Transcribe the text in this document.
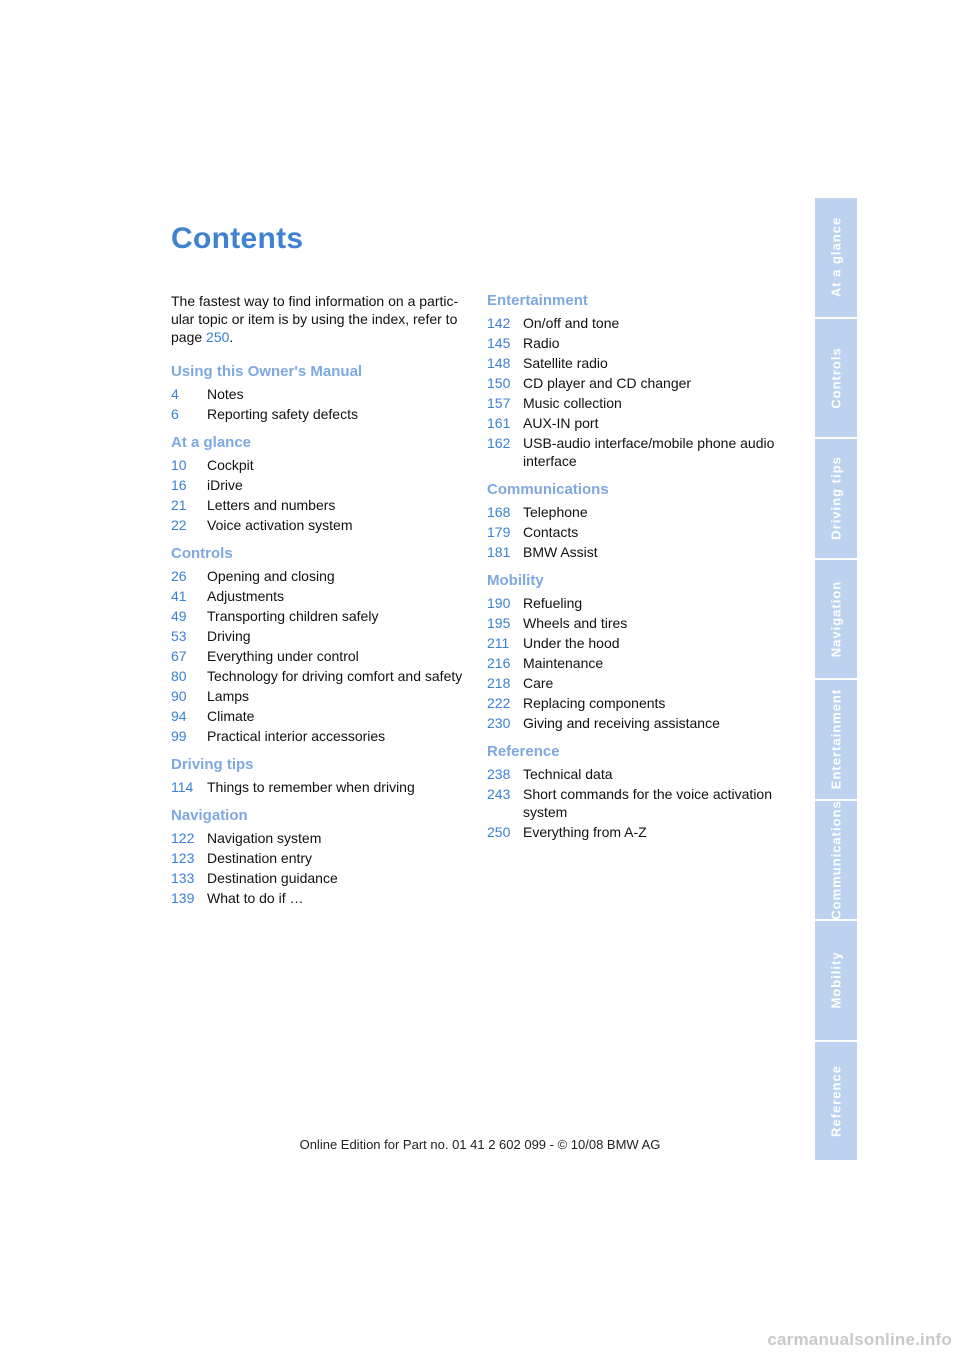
Contents

The fastest way to find information on a particular topic or item is by using the index, refer to page 250.

Using this Owner's Manual
4	Notes
6	Reporting safety defects
At a glance
10	Cockpit
16	iDrive
21	Letters and numbers
22	Voice activation system
Controls
26	Opening and closing
41	Adjustments
49	Transporting children safely
53	Driving
67	Everything under control
80	Technology for driving comfort and safety
90	Lamps
94	Climate
99	Practical interior accessories
Driving tips
114 Things to remember when driving
Navigation
122 Navigation system
123 Destination entry
133 Destination guidance
139 What to do if …
Entertainment
142 On/off and tone
145 Radio
148 Satellite radio
150 CD player and CD changer
157 Music collection
161 AUX-IN port
162 USB-audio interface/mobile phone audio interface
Communications
168 Telephone
179 Contacts
181 BMW Assist
Mobility
190 Refueling
195 Wheels and tires
211 Under the hood
216 Maintenance
218 Care
222 Replacing components
230 Giving and receiving assistance
Reference
238 Technical data
243 Short commands for the voice activation system
250 Everything from A-Z
At a glance
Controls
Driving tips
Navigation
Entertainment
Communications
Mobility
Reference
Online Edition for Part no. 01 41 2 602 099 - © 10/08 BMW AG
carmanualsonline.info
